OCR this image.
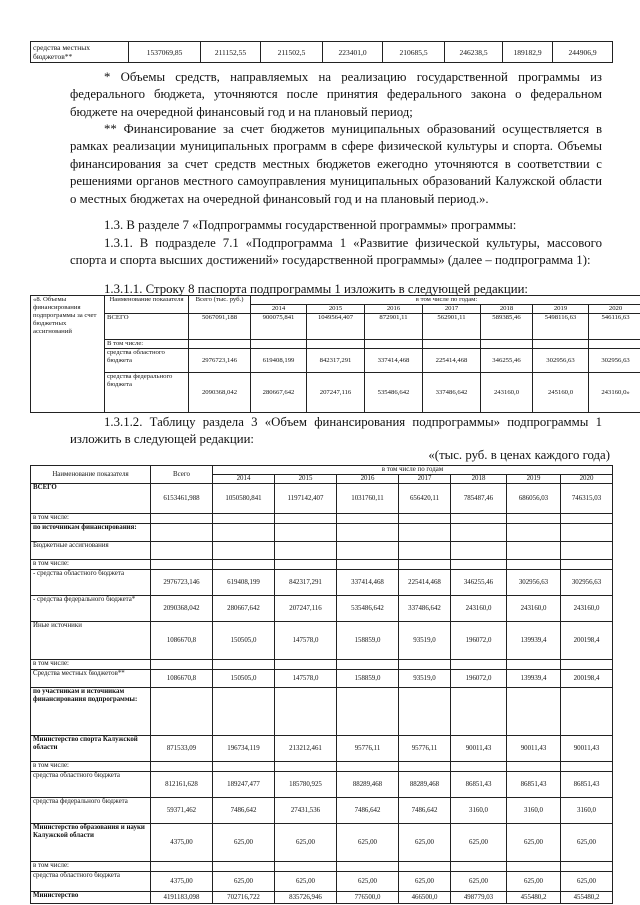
средства местных бюджетов**	1537069,85	211152,55	211502,5	223401,0	210685,5	246238,5	189182,9	244906,9

* Объемы средств, направляемых на реализацию государственной программы из федерального бюджета, уточняются после принятия федерального закона о федеральном бюджете на очередной финансовый год и на плановый период;

** Финансирование за счет бюджетов муниципальных образований осуществляется в рамках реализации муниципальных программ в сфере физической культуры и спорта. Объемы финансирования за счет средств местных бюджетов ежегодно уточняются в соответствии с решениями органов местного самоуправления муниципальных образований Калужской области о местных бюджетах на очередной финансовый год и на плановый период.».

1.3. В разделе 7 «Подпрограммы государственной программы» программы:

1.3.1. В подразделе 7.1 «Подпрограмма 1 «Развитие физической культуры, массового спорта и спорта высших достижений» государственной программы» (далее – подпрограмма 1):

1.3.1.1. Строку 8 паспорта подпрограммы 1 изложить в следующей редакции:

«8. Объемы финансирования подпрограммы за счет бюджетных ассигнований	Наименование показателя	Всего (тыс. руб.)	в том числе по годам:						
			2014	2015	2016	2017	2018	2019	2020
	ВСЕГО	5067091,188	900075,841	1049564,407	872901,11	562901,11	589385,46	5498116,63	546116,63
	В том числе:								
	средства областного бюджета	2976723,146	619408,199	842317,291	337414,468	225414,468	346255,46	302956,63	302956,63
	средства федерального бюджета	2090368,042	280667,642	207247,116	535486,642	337486,642	243160,0	245160,0	243160,0»

1.3.1.2. Таблицу раздела 3 «Объем финансирования подпрограммы» подпрограммы 1 изложить в следующей редакции:

«(тыс. руб. в ценах каждого года)
Наименование показателя	Всего	в том числе по годам						
		2014	2015	2016	2017	2018	2019	2020
ВСЕГО	6153461,988	1050580,841	1197142,407	1031760,11	656420,11	785487,46	686056,03	746315,03
в том числе:								
по источникам финансирования:								
Бюджетные ассигнования								
в том числе:								
- средства областного бюджета	2976723,146	619408,199	842317,291	337414,468	225414,468	346255,46	302956,63	302956,63
- средства федерального бюджета*	2090368,042	280667,642	207247,116	535486,642	337486,642	243160,0	243160,0	243160,0
Иные источники	1086670,8	150505,0	147578,0	158859,0	93519,0	196072,0	139939,4	200198,4
в том числе:								
Средства местных бюджетов**	1086670,8	150505,0	147578,0	158859,0	93519,0	196072,0	139939,4	200198,4
по участникам и источникам финансирования подпрограммы:								
Министерство спорта Калужской области	871533,09	196734,119	213212,461	95776,11	95776,11	90011,43	90011,43	90011,43
в том числе:								
средства областного бюджета	812161,628	189247,477	185780,925	88289,468	88289,468	86851,43	86851,43	86851,43
средства федерального бюджета	59371,462	7486,642	27431,536	7486,642	7486,642	3160,0	3160,0	3160,0
Министерство образования и науки Калужской области	4375,00	625,00	625,00	625,00	625,00	625,00	625,00	625,00
в том числе:								
средства областного бюджета	4375,00	625,00	625,00	625,00	625,00	625,00	625,00	625,00
Министерство	4191183,098	702716,722	835726,946	776500,0	466500,0	498779,03	455480,2	455480,2
